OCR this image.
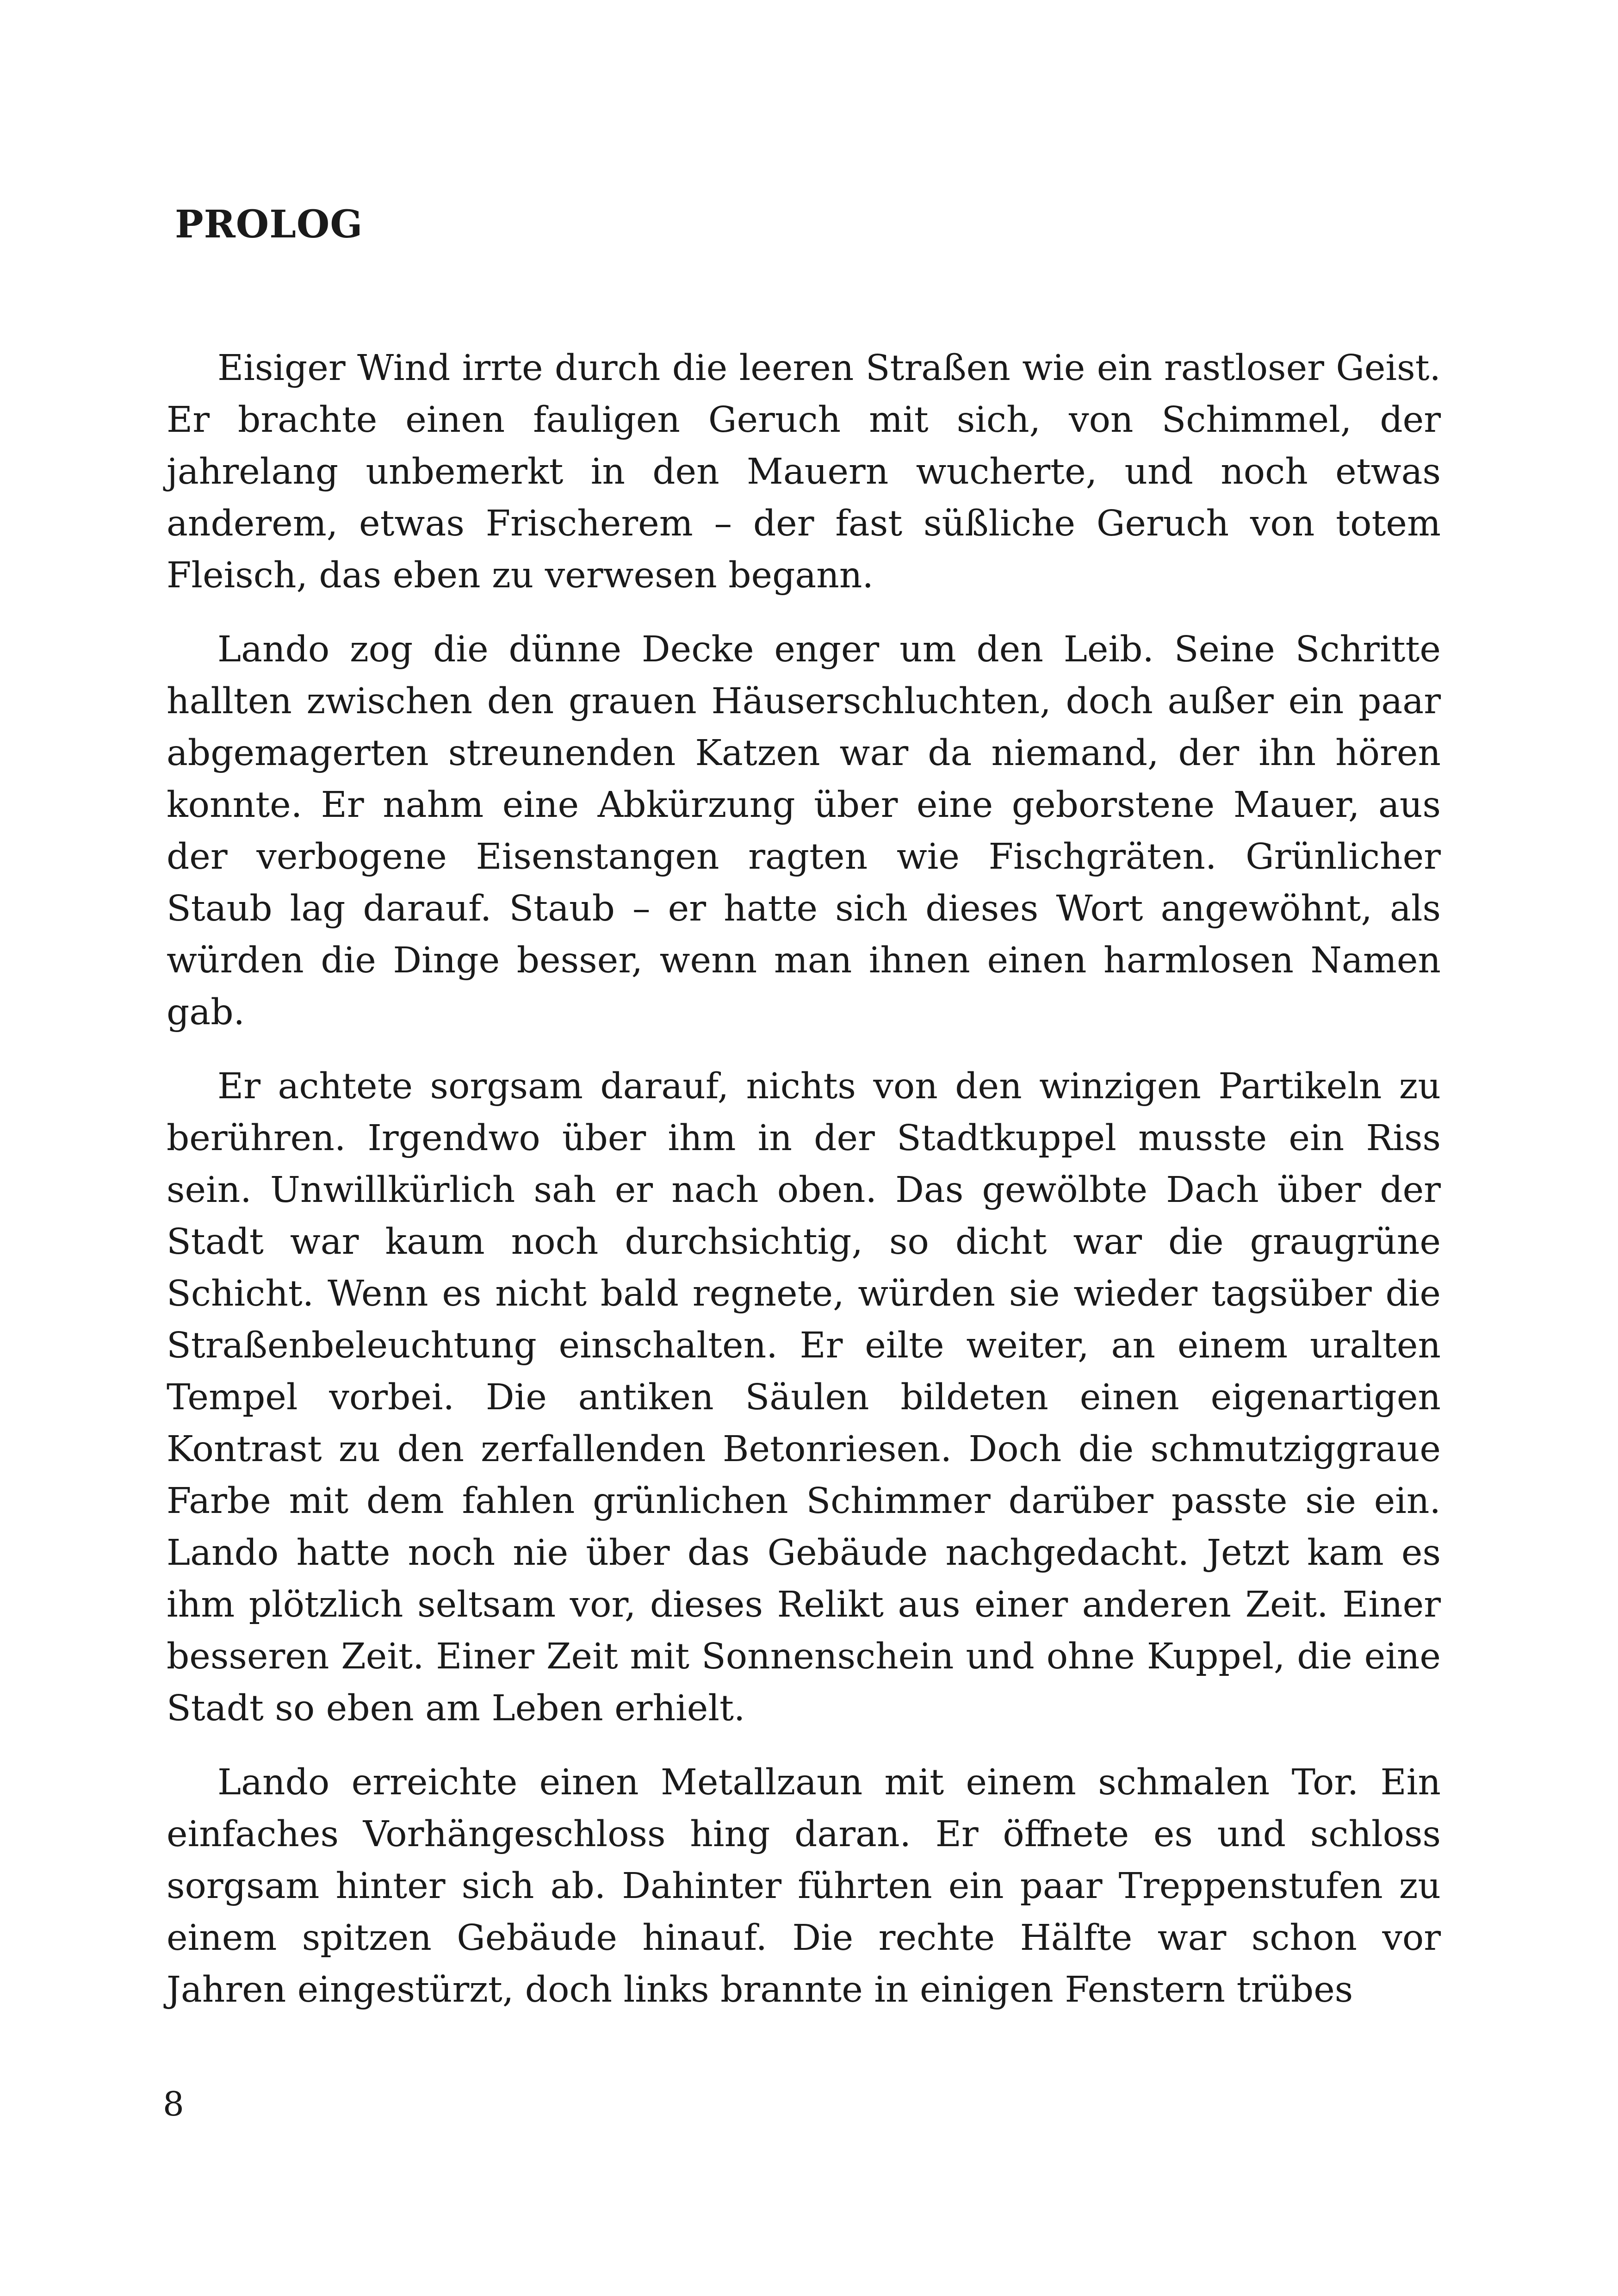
PROLOG

Eisiger Wind irrte durch die leeren Straßen wie ein rastloser Geist. Er brachte einen fauligen Geruch mit sich, von Schimmel, der jahrelang unbemerkt in den Mauern wucherte, und noch etwas anderem, etwas Frischerem – der fast süßliche Geruch von totem Fleisch, das eben zu verwesen begann.

Lando zog die dünne Decke enger um den Leib. Seine Schritte hallten zwischen den grauen Häuserschluchten, doch außer ein paar abgemagerten streunenden Katzen war da niemand, der ihn hören konnte. Er nahm eine Abkürzung über eine geborstene Mauer, aus der verbogene Eisenstangen ragten wie Fischgräten. Grünlicher Staub lag darauf. Staub – er hatte sich dieses Wort angewöhnt, als würden die Dinge besser, wenn man ihnen einen harmlosen Namen gab.

Er achtete sorgsam darauf, nichts von den winzigen Partikeln zu berühren. Irgendwo über ihm in der Stadtkuppel musste ein Riss sein. Unwillkürlich sah er nach oben. Das gewölbte Dach über der Stadt war kaum noch durchsichtig, so dicht war die graugrüne Schicht. Wenn es nicht bald regnete, würden sie wieder tagsüber die Straßenbeleuchtung einschalten. Er eilte weiter, an einem uralten Tempel vorbei. Die antiken Säulen bildeten einen eigenartigen Kontrast zu den zerfallenden Betonriesen. Doch die schmutziggraue Farbe mit dem fahlen grünlichen Schimmer darüber passte sie ein. Lando hatte noch nie über das Gebäude nachgedacht. Jetzt kam es ihm plötzlich seltsam vor, dieses Relikt aus einer anderen Zeit. Einer besseren Zeit. Einer Zeit mit Sonnenschein und ohne Kuppel, die eine Stadt so eben am Leben erhielt.

Lando erreichte einen Metallzaun mit einem schmalen Tor. Ein einfaches Vorhängeschloss hing daran. Er öffnete es und schloss sorgsam hinter sich ab. Dahinter führten ein paar Treppenstufen zu einem spitzen Gebäude hinauf. Die rechte Hälfte war schon vor Jahren eingestürzt, doch links brannte in einigen Fenstern trübes

8
